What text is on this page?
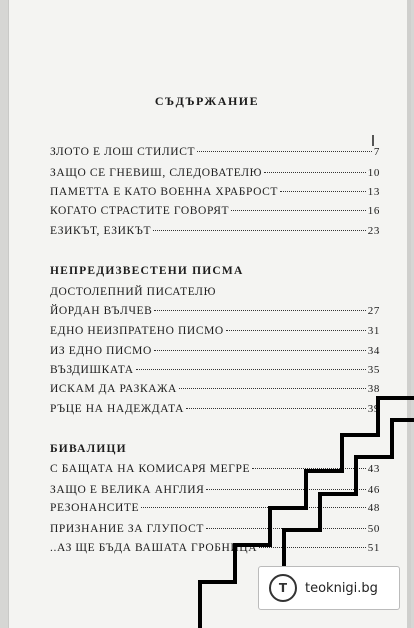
СЪДЪРЖАНИЕ
ЗЛОТО Е ЛОШ СТИЛИСТ	7
ЗАЩО СЕ ГНЕВИШ, СЛЕДОВАТЕЛЮ	10
ПАМЕТТА Е КАТО ВОЕННА ХРАБРОСТ	13
КОГАТО СТРАСТИТЕ ГОВОРЯТ	16
ЕЗИКЪТ, ЕЗИКЪТ	23
НЕПРЕДИЗВЕСТЕНИ ПИСМА
ДОСТОЛЕПНИЙ ПИСАТЕЛЮ
ЙОРДАН ВЪЛЧЕВ	27
ЕДНО НЕИЗПРАТЕНО ПИСМО	31
ИЗ ЕДНО ПИСМО	34
ВЪЗДИШКАТА	35
ИСКАМ ДА РАЗКАЖА	38
РЪЦЕ НА НАДЕЖДАТА	39
БИВАЛИЦИ
С БАЩАТА НА КОМИСАРЯ МЕГРЕ	43
ЗАЩО Е ВЕЛИКА АНГЛИЯ	46
РЕЗОНАНСИТЕ	48
ПРИЗНАНИЕ ЗА ГЛУПОСТ	50
..АЗ ЩЕ БЪДА ВАШАТА ГРОБНИЦА	51
T	teoknigi.bg
